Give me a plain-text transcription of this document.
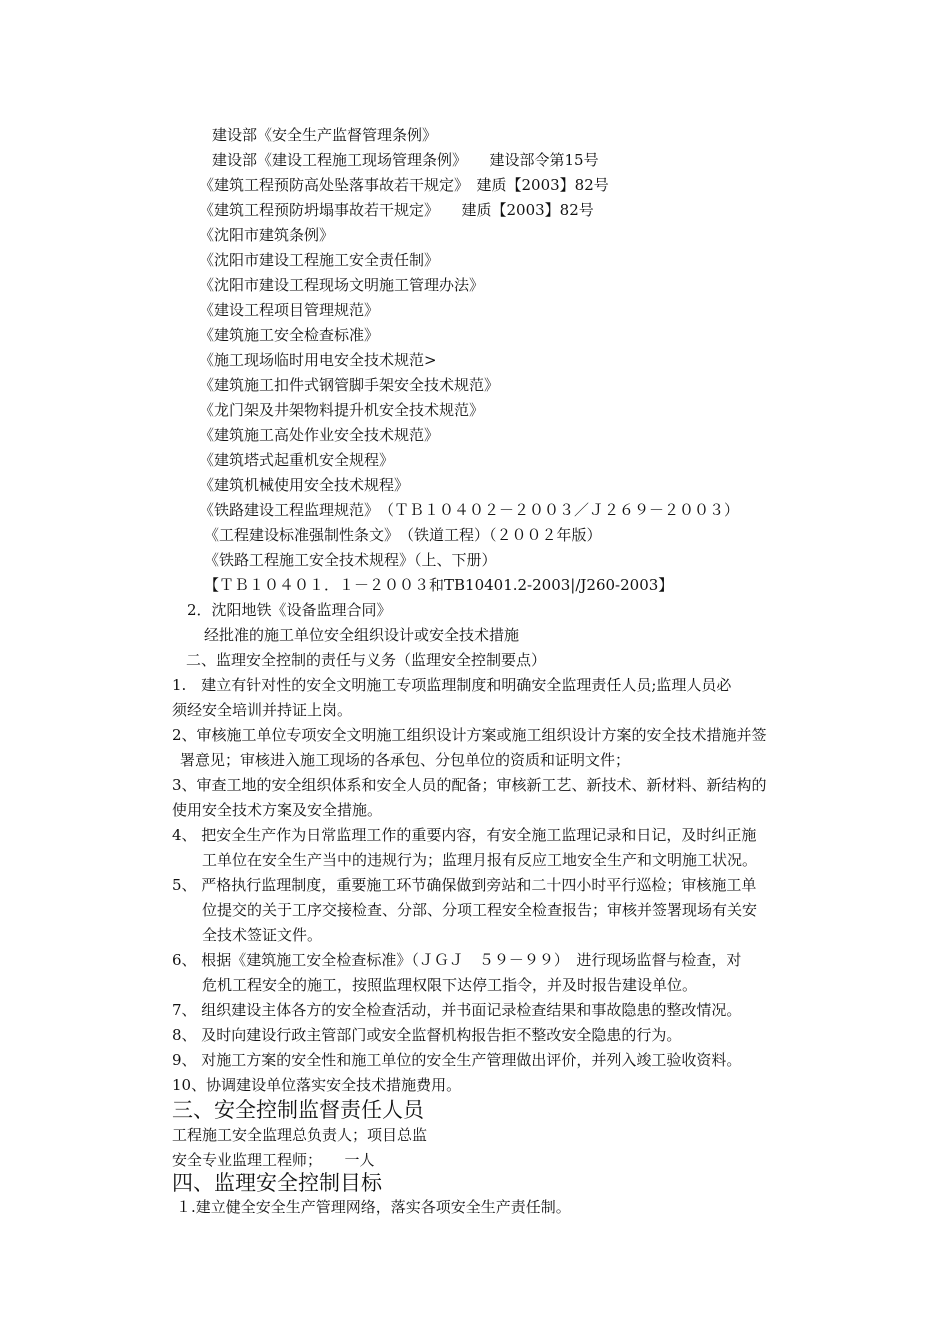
建设部《安全生产监督管理条例》
建设部《建设工程施工现场管理条例》　　建设部令第15号
《建筑工程预防高处坠落事故若干规定》　建质【2003】82号
《建筑工程预防坍塌事故若干规定》　　建质【2003】82号
《沈阳市建筑条例》
《沈阳市建设工程施工安全责任制》
《沈阳市建设工程现场文明施工管理办法》
《建设工程项目管理规范》
《建筑施工安全检查标准》
《施工现场临时用电安全技术规范>
《建筑施工扣件式钢管脚手架安全技术规范》
《龙门架及井架物料提升机安全技术规范》
《建筑施工高处作业安全技术规范》
《建筑塔式起重机安全规程》
《建筑机械使用安全技术规程》
《铁路建设工程监理规范》　（ＴＢ１０４０２－２００３／Ｊ２６９－２００３）
《工程建设标准强制性条文》　（铁道工程）（２００２年版）
《铁路工程施工安全技术规程》（上、下册）
【ＴＢ１０４０１．１－２００３和TB10401.2-2003|/J260-2003】
2．沈阳地铁《设备监理合同》
经批准的施工单位安全组织设计或安全技术措施
二、监理安全控制的责任与义务（监理安全控制要点）
1.　建立有针对性的安全文明施工专项监理制度和明确安全监理责任人员;监理人员必
须经安全培训并持证上岗。
2、审核施工单位专项安全文明施工组织设计方案或施工组织设计方案的安全技术措施并签
署意见；审核进入施工现场的各承包、分包单位的资质和证明文件；
3、审查工地的安全组织体系和安全人员的配备；审核新工艺、新技术、新材料、新结构的
使用安全技术方案及安全措施。
4、 把安全生产作为日常监理工作的重要内容，有安全施工监理记录和日记，及时纠正施
工单位在安全生产当中的违规行为；监理月报有反应工地安全生产和文明施工状况。
5、 严格执行监理制度，重要施工环节确保做到旁站和二十四小时平行巡检；审核施工单
位提交的关于工序交接检查、分部、分项工程安全检查报告；审核并签署现场有关安
全技术签证文件。
6、 根据《建筑施工安全检查标准》（ＪＧＪ　５９－９９）　进行现场监督与检查，对
危机工程安全的施工，按照监理权限下达停工指令，并及时报告建设单位。
7、 组织建设主体各方的安全检查活动，并书面记录检查结果和事故隐患的整改情况。
8、 及时向建设行政主管部门或安全监督机构报告拒不整改安全隐患的行为。
9、 对施工方案的安全性和施工单位的安全生产管理做出评价，并列入竣工验收资料。
10、协调建设单位落实安全技术措施费用。
三、安全控制监督责任人员
工程施工安全监理总负责人；项目总监
安全专业监理工程师；　　一人
四、监理安全控制目标
１.建立健全安全生产管理网络，落实各项安全生产责任制。
